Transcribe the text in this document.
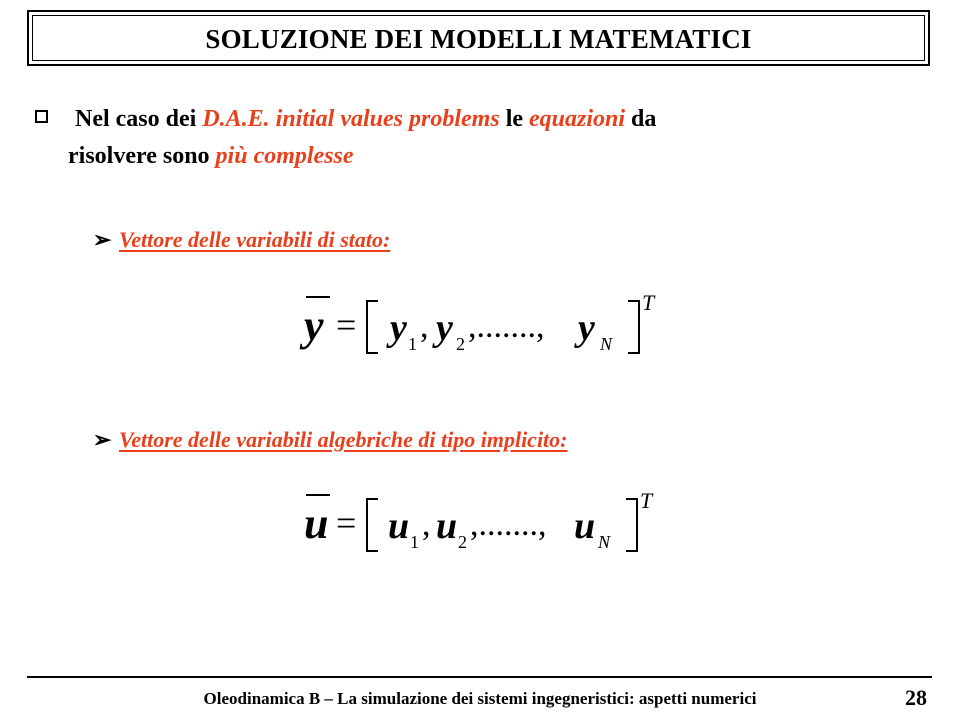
SOLUZIONE DEI MODELLI MATEMATICI
Nel caso dei D.A.E. initial values problems le equazioni da
risolvere sono più complesse
➢ Vettore delle variabili di stato:
y = y 1 , y 2 ,......., y N
T
➢ Vettore delle variabili algebriche di tipo implicito:
u = u 1 , u 2 ,......., u N
T
Oleodinamica B – La simulazione dei sistemi ingegneristici: aspetti numerici	28
